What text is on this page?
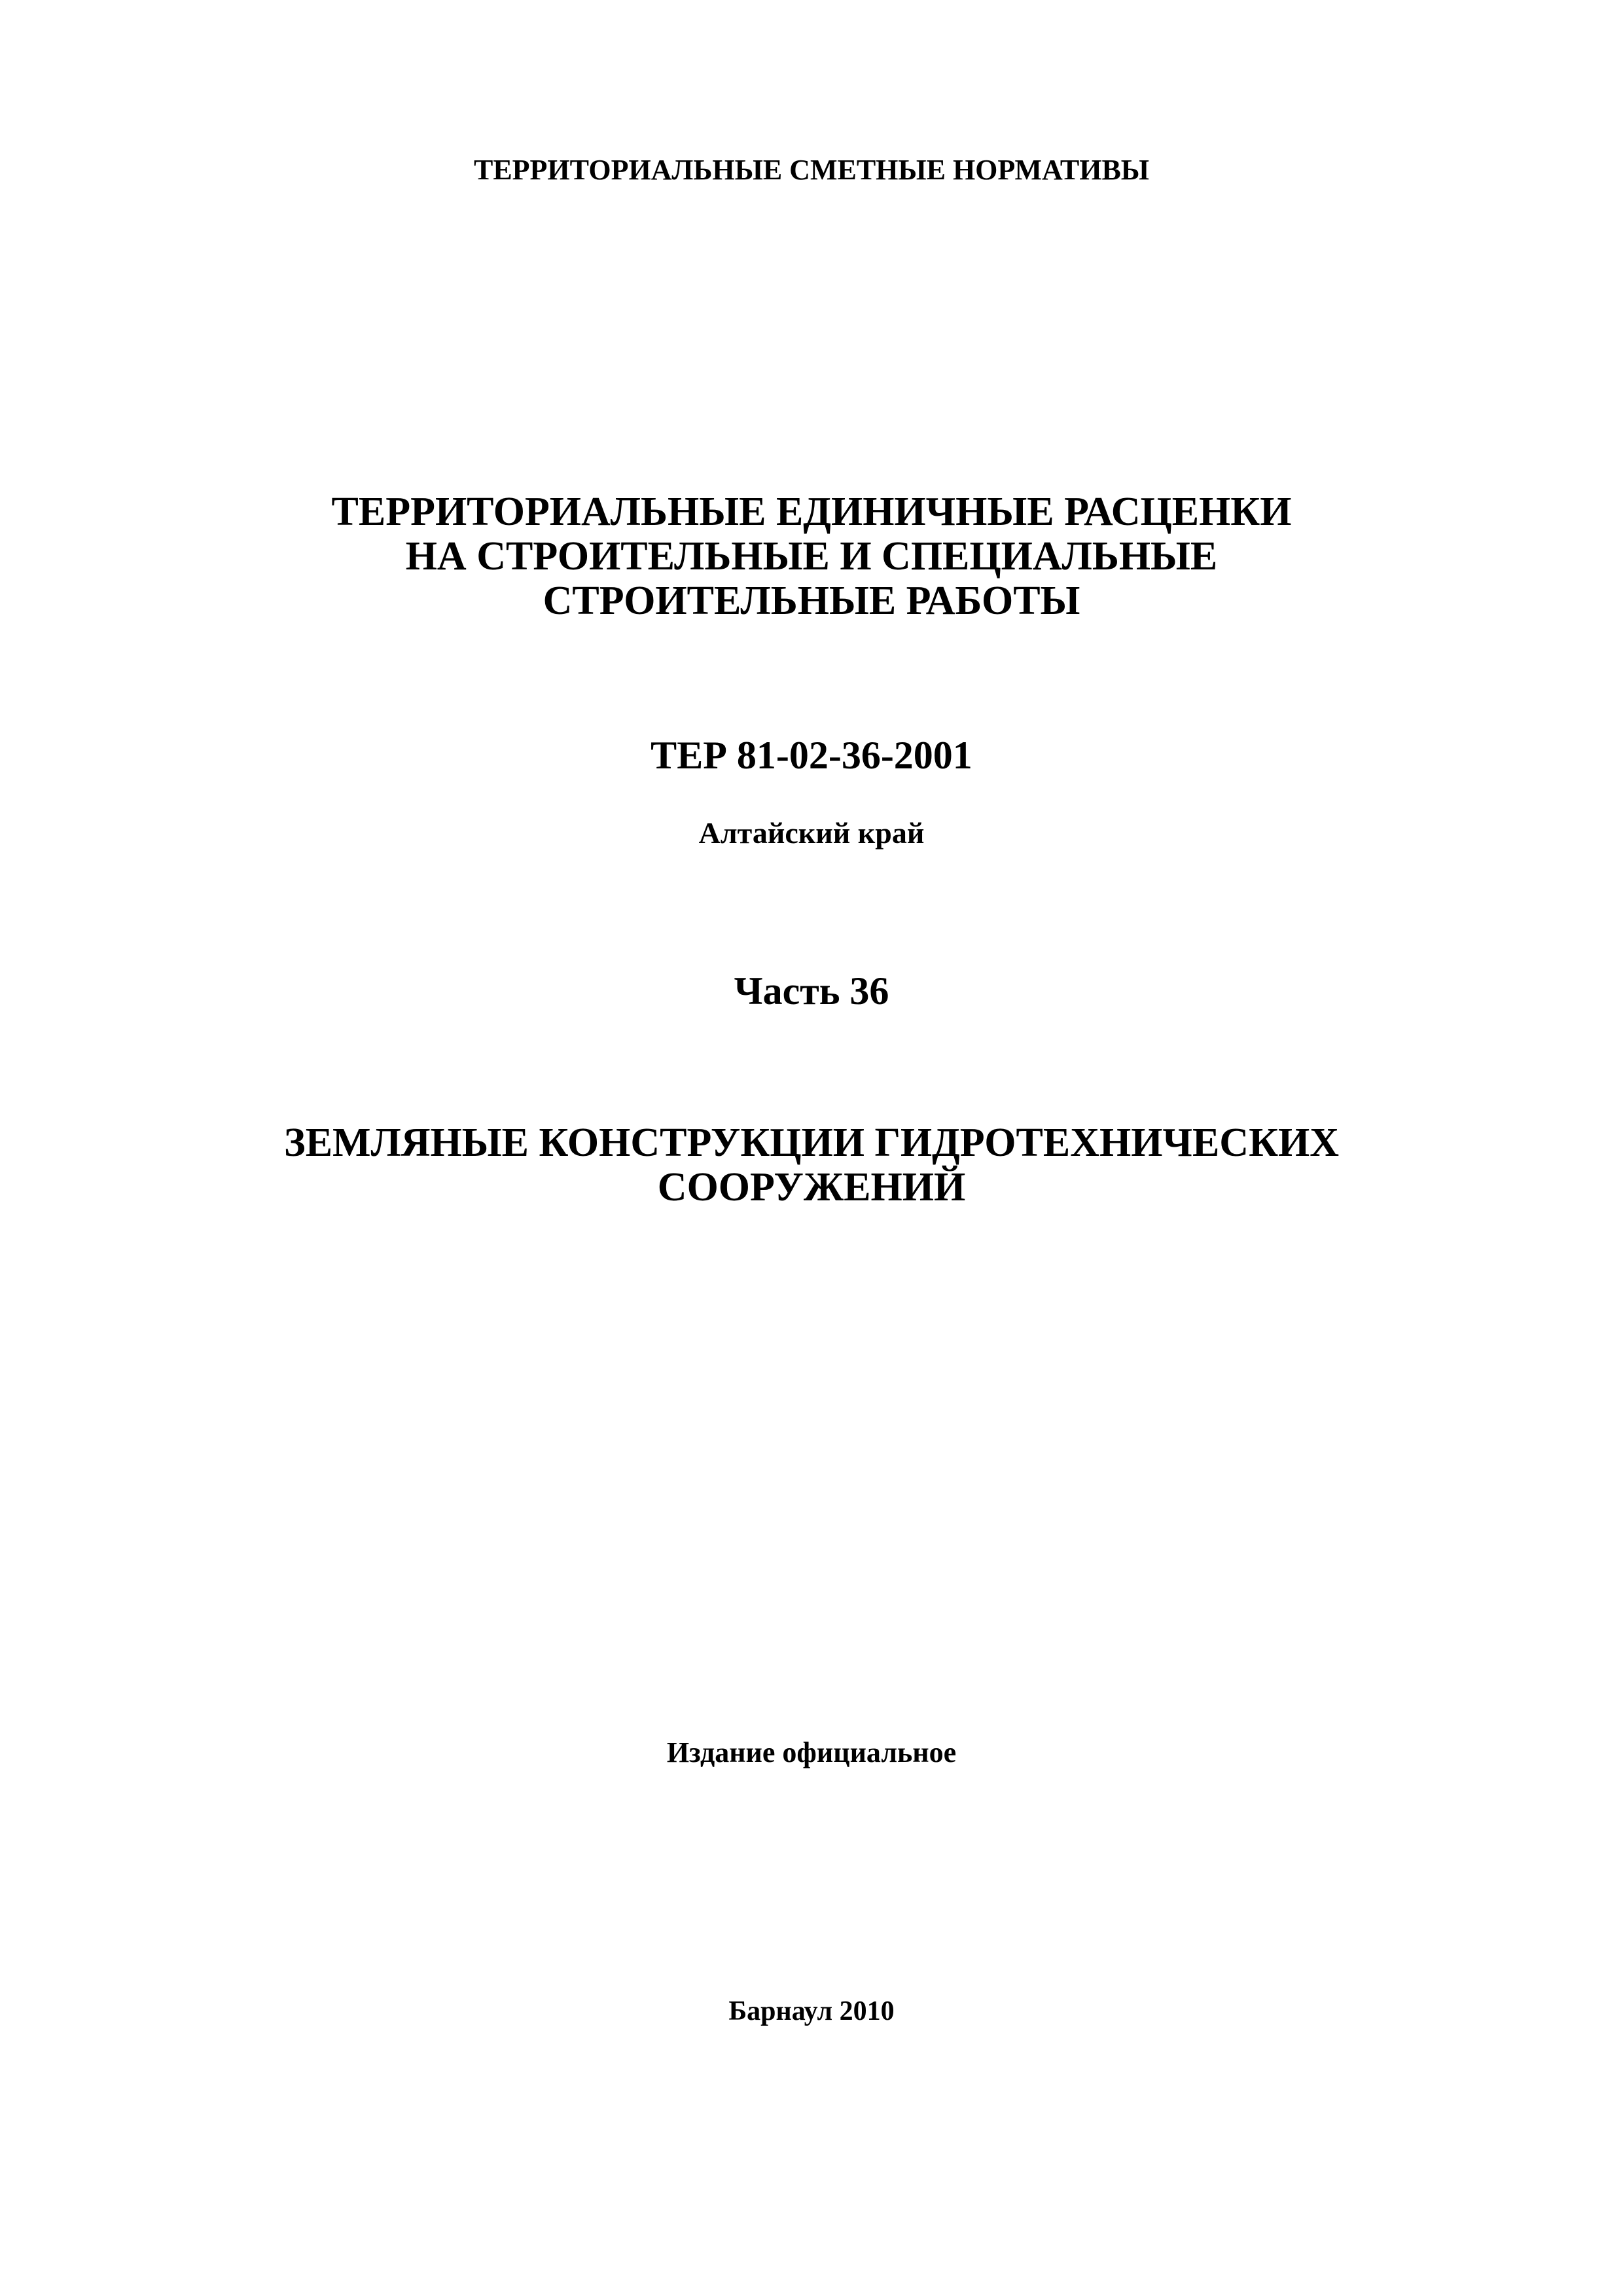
ТЕРРИТОРИАЛЬНЫЕ СМЕТНЫЕ НОРМАТИВЫ
ТЕРРИТОРИАЛЬНЫЕ ЕДИНИЧНЫЕ РАСЦЕНКИ
НА СТРОИТЕЛЬНЫЕ И СПЕЦИАЛЬНЫЕ
СТРОИТЕЛЬНЫЕ РАБОТЫ
ТЕР 81-02-36-2001
Алтайский край
Часть 36
ЗЕМЛЯНЫЕ КОНСТРУКЦИИ ГИДРОТЕХНИЧЕСКИХ
СООРУЖЕНИЙ
Издание официальное
Барнаул 2010
